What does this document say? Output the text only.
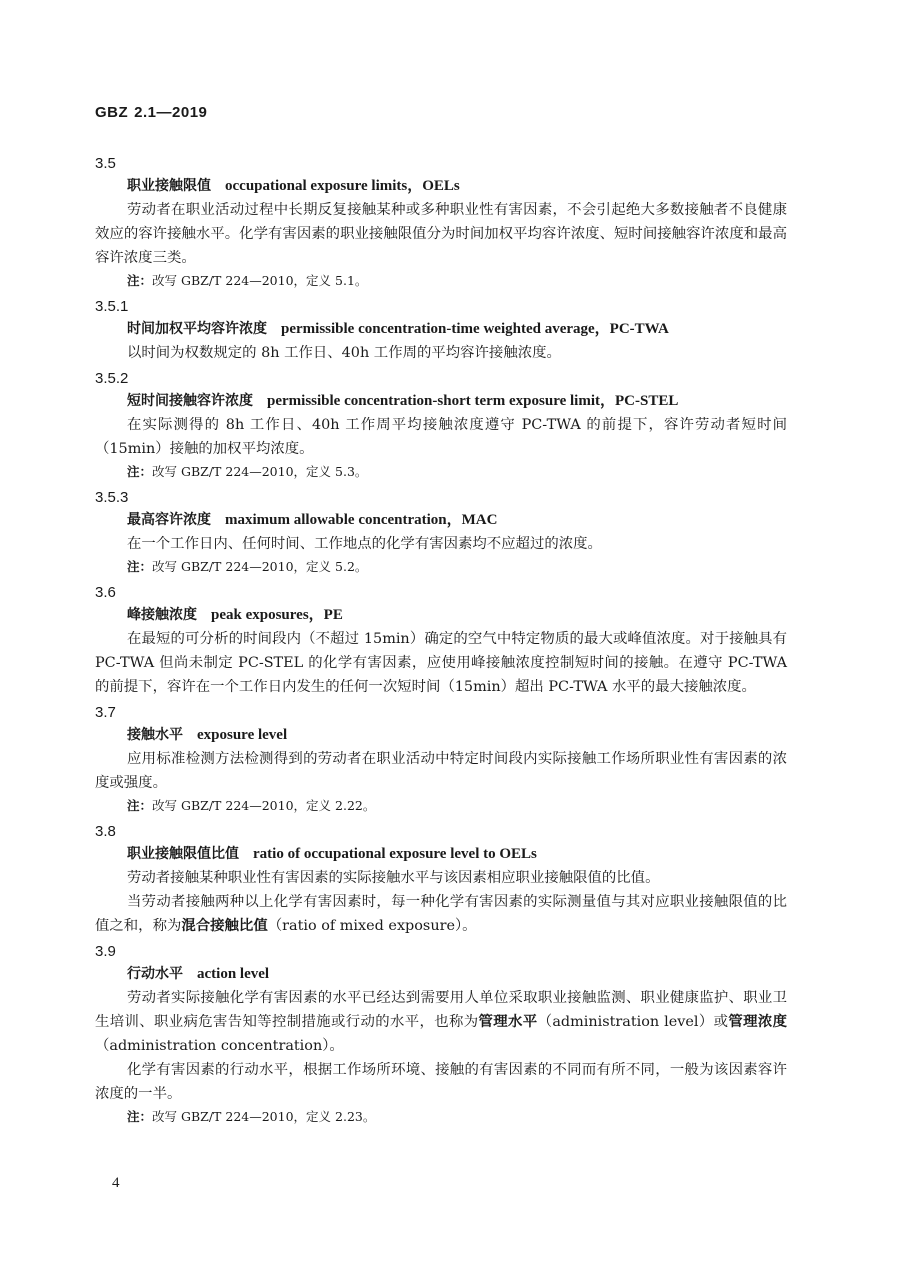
GBZ 2.1—2019
3.5
职业接触限值 occupational exposure limits，OELs
劳动者在职业活动过程中长期反复接触某种或多种职业性有害因素，不会引起绝大多数接触者不良健康效应的容许接触水平。化学有害因素的职业接触限值分为时间加权平均容许浓度、短时间接触容许浓度和最高容许浓度三类。
注：改写 GBZ/T 224—2010，定义 5.1。
3.5.1
时间加权平均容许浓度 permissible concentration-time weighted average，PC-TWA
以时间为权数规定的 8h 工作日、40h 工作周的平均容许接触浓度。
3.5.2
短时间接触容许浓度 permissible concentration-short term exposure limit，PC-STEL
在实际测得的 8h 工作日、40h 工作周平均接触浓度遵守 PC-TWA 的前提下，容许劳动者短时间（15min）接触的加权平均浓度。
注：改写 GBZ/T 224—2010，定义 5.3。
3.5.3
最高容许浓度 maximum allowable concentration，MAC
在一个工作日内、任何时间、工作地点的化学有害因素均不应超过的浓度。
注：改写 GBZ/T 224—2010，定义 5.2。
3.6
峰接触浓度 peak exposures，PE
在最短的可分析的时间段内（不超过 15min）确定的空气中特定物质的最大或峰值浓度。对于接触具有 PC-TWA 但尚未制定 PC-STEL 的化学有害因素，应使用峰接触浓度控制短时间的接触。在遵守 PC-TWA 的前提下，容许在一个工作日内发生的任何一次短时间（15min）超出 PC-TWA 水平的最大接触浓度。
3.7
接触水平 exposure level
应用标准检测方法检测得到的劳动者在职业活动中特定时间段内实际接触工作场所职业性有害因素的浓度或强度。
注：改写 GBZ/T 224—2010，定义 2.22。
3.8
职业接触限值比值 ratio of occupational exposure level to OELs
劳动者接触某种职业性有害因素的实际接触水平与该因素相应职业接触限值的比值。
当劳动者接触两种以上化学有害因素时，每一种化学有害因素的实际测量值与其对应职业接触限值的比值之和，称为混合接触比值（ratio of mixed exposure）。
3.9
行动水平 action level
劳动者实际接触化学有害因素的水平已经达到需要用人单位采取职业接触监测、职业健康监护、职业卫生培训、职业病危害告知等控制措施或行动的水平，也称为管理水平（administration level）或管理浓度（administration concentration）。
化学有害因素的行动水平，根据工作场所环境、接触的有害因素的不同而有所不同，一般为该因素容许浓度的一半。
注：改写 GBZ/T 224—2010，定义 2.23。
4
